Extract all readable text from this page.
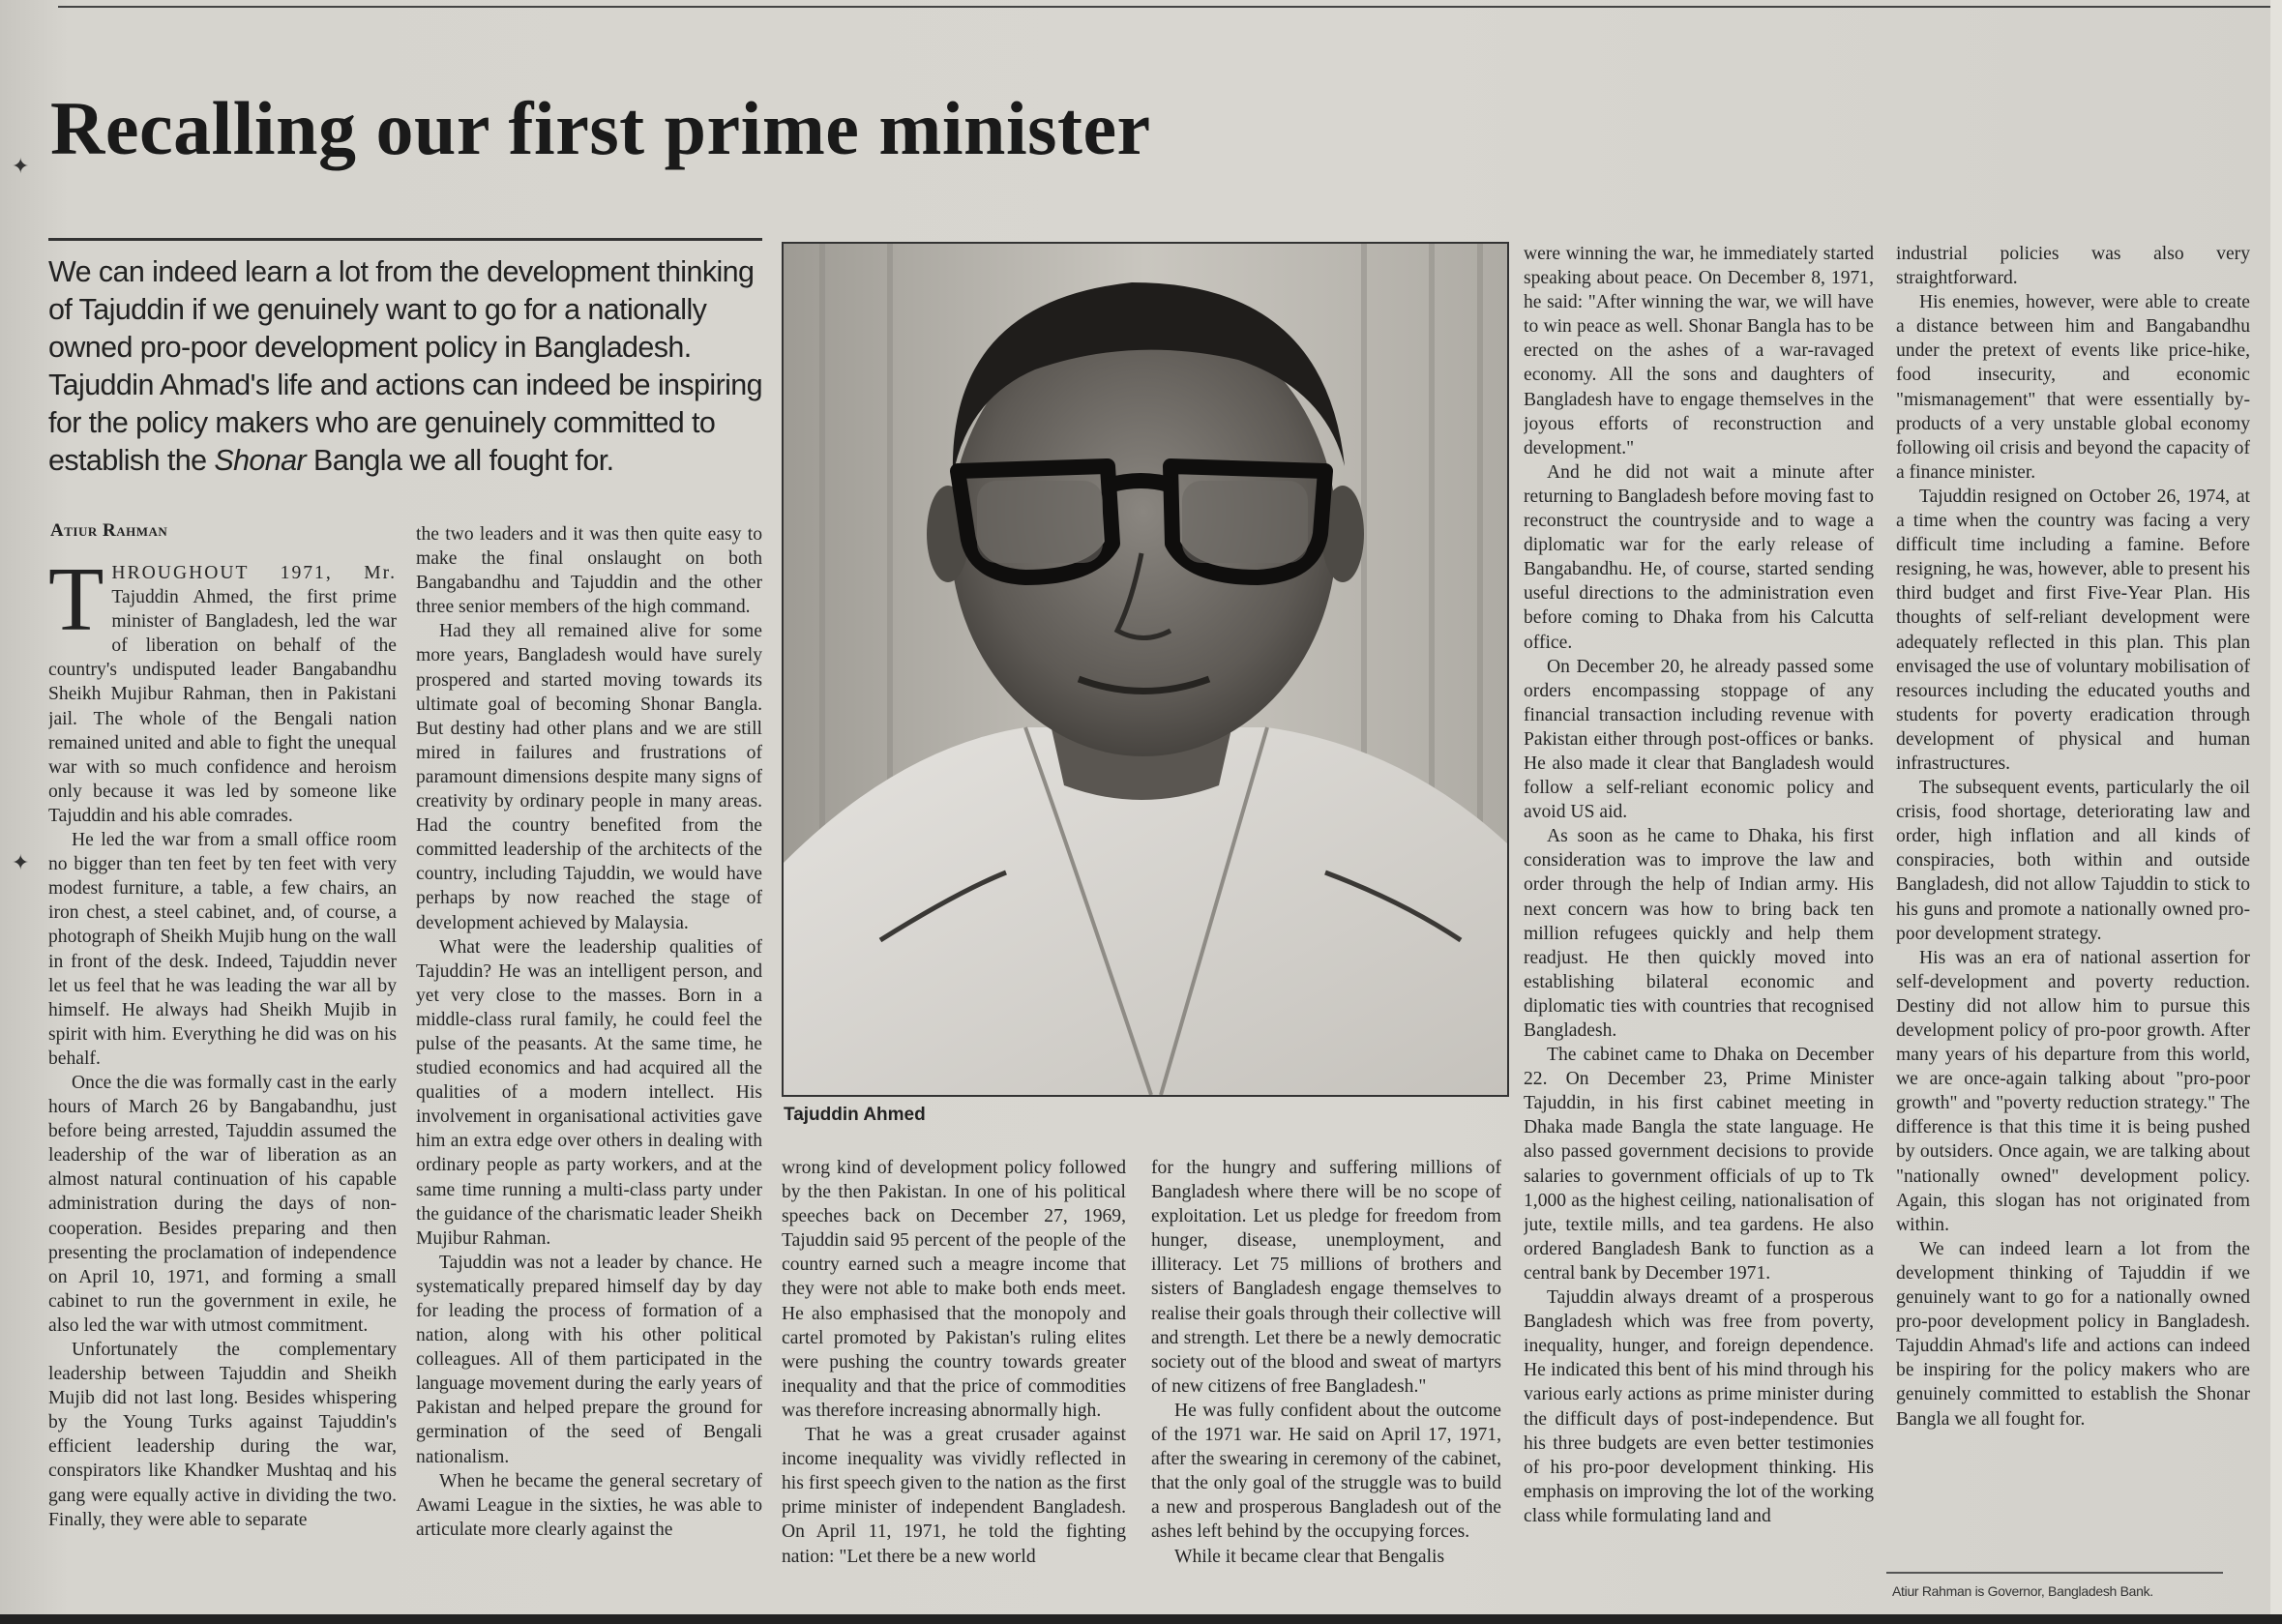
✦ Recalling our first prime minister

We can indeed learn a lot from the development thinking of Tajuddin if we genuinely want to go for a nationally owned pro-poor development policy in Bangladesh. Tajuddin Ahmad's life and actions can indeed be inspiring for the policy makers who are genuinely committed to establish the Shonar Bangla we all fought for.

Atiur Rahman

THROUGHOUT 1971, Mr. Tajuddin Ahmed, the first prime minister of Bangladesh, led the war of liberation on behalf of the country's undisputed leader Bangabandhu Sheikh Mujibur Rahman, then in Pakistani jail. The whole of the Bengali nation remained united and able to fight the unequal war with so much confidence and heroism only because it was led by someone like Tajuddin and his able comrades.

He led the war from a small office room no bigger than ten feet by ten feet with very modest furniture, a table, a few chairs, an iron chest, a steel cabinet, and, of course, a photograph of Sheikh Mujib hung on the wall in front of the desk. Indeed, Tajuddin never let us feel that he was leading the war all by himself. He always had Sheikh Mujib in spirit with him. Everything he did was on his behalf.

Once the die was formally cast in the early hours of March 26 by Bangabandhu, just before being arrested, Tajuddin assumed the leadership of the war of liberation as an almost natural continuation of his capable administration during the days of non-cooperation. Besides preparing and then presenting the proclamation of independence on April 10, 1971, and forming a small cabinet to run the government in exile, he also led the war with utmost commitment.

Unfortunately the complementary leadership between Tajuddin and Sheikh Mujib did not last long. Besides whispering by the Young Turks against Tajuddin's efficient leadership during the war, conspirators like Khandker Mushtaq and his gang were equally active in dividing the two. Finally, they were able to separate

✦

the two leaders and it was then quite easy to make the final onslaught on both Bangabandhu and Tajuddin and the other three senior members of the high command.

Had they all remained alive for some more years, Bangladesh would have surely prospered and started moving towards its ultimate goal of becoming Shonar Bangla. But destiny had other plans and we are still mired in failures and frustrations of paramount dimensions despite many signs of creativity by ordinary people in many areas. Had the country benefited from the committed leadership of the architects of the country, including Tajuddin, we would have perhaps by now reached the stage of development achieved by Malaysia.

What were the leadership qualities of Tajuddin? He was an intelligent person, and yet very close to the masses. Born in a middle-class rural family, he could feel the pulse of the peasants. At the same time, he studied economics and had acquired all the qualities of a modern intellect. His involvement in organisational activities gave him an extra edge over others in dealing with ordinary people as party workers, and at the same time running a multi-class party under the guidance of the charismatic leader Sheikh Mujibur Rahman.

Tajuddin was not a leader by chance. He systematically prepared himself day by day for leading the process of formation of a nation, along with his other political colleagues. All of them participated in the language movement during the early years of Pakistan and helped prepare the ground for germination of the seed of Bengali nationalism.

When he became the general secretary of Awami League in the sixties, he was able to articulate more clearly against the

Tajuddin Ahmed

wrong kind of development policy followed by the then Pakistan. In one of his political speeches back on December 27, 1969, Tajuddin said 95 percent of the people of the country earned such a meagre income that they were not able to make both ends meet. He also emphasised that the monopoly and cartel promoted by Pakistan's ruling elites were pushing the country towards greater inequality and that the price of commodities was therefore increasing abnormally high.

That he was a great crusader against income inequality was vividly reflected in his first speech given to the nation as the first prime minister of independent Bangladesh. On April 11, 1971, he told the fighting nation: "Let there be a new world

for the hungry and suffering millions of Bangladesh where there will be no scope of exploitation. Let us pledge for freedom from hunger, disease, unemployment, and illiteracy. Let 75 millions of brothers and sisters of Bangladesh engage themselves to realise their goals through their collective will and strength. Let there be a newly democratic society out of the blood and sweat of martyrs of new citizens of free Bangladesh."

He was fully confident about the outcome of the 1971 war. He said on April 17, 1971, after the swearing in ceremony of the cabinet, that the only goal of the struggle was to build a new and prosperous Bangladesh out of the ashes left behind by the occupying forces.

While it became clear that Bengalis

were winning the war, he immediately started speaking about peace. On December 8, 1971, he said: "After winning the war, we will have to win peace as well. Shonar Bangla has to be erected on the ashes of a war-ravaged economy. All the sons and daughters of Bangladesh have to engage themselves in the joyous efforts of reconstruction and development."

And he did not wait a minute after returning to Bangladesh before moving fast to reconstruct the countryside and to wage a diplomatic war for the early release of Bangabandhu. He, of course, started sending useful directions to the administration even before coming to Dhaka from his Calcutta office.

On December 20, he already passed some orders encompassing stoppage of any financial transaction including revenue with Pakistan either through post-offices or banks. He also made it clear that Bangladesh would follow a self-reliant economic policy and avoid US aid.

As soon as he came to Dhaka, his first consideration was to improve the law and order through the help of Indian army. His next concern was how to bring back ten million refugees quickly and help them readjust. He then quickly moved into establishing bilateral economic and diplomatic ties with countries that recognised Bangladesh.

The cabinet came to Dhaka on December 22. On December 23, Prime Minister Tajuddin, in his first cabinet meeting in Dhaka made Bangla the state language. He also passed government decisions to provide salaries to government officials of up to Tk 1,000 as the highest ceiling, nationalisation of jute, textile mills, and tea gardens. He also ordered Bangladesh Bank to function as a central bank by December 1971.

Tajuddin always dreamt of a prosperous Bangladesh which was free from poverty, inequality, hunger, and foreign dependence. He indicated this bent of his mind through his various early actions as prime minister during the difficult days of post-independence. But his three budgets are even better testimonies of his pro-poor development thinking. His emphasis on improving the lot of the working class while formulating land and

industrial policies was also very straightforward.

His enemies, however, were able to create a distance between him and Bangabandhu under the pretext of events like price-hike, food insecurity, and economic "mismanagement" that were essentially by-products of a very unstable global economy following oil crisis and beyond the capacity of a finance minister.

Tajuddin resigned on October 26, 1974, at a time when the country was facing a very difficult time including a famine. Before resigning, he was, however, able to present his third budget and first Five-Year Plan. His thoughts of self-reliant development were adequately reflected in this plan. This plan envisaged the use of voluntary mobilisation of resources including the educated youths and students for poverty eradication through development of physical and human infrastructures.

The subsequent events, particularly the oil crisis, food shortage, deteriorating law and order, high inflation and all kinds of conspiracies, both within and outside Bangladesh, did not allow Tajuddin to stick to his guns and promote a nationally owned pro-poor development strategy.

His was an era of national assertion for self-development and poverty reduction. Destiny did not allow him to pursue this development policy of pro-poor growth. After many years of his departure from this world, we are once-again talking about "pro-poor growth" and "poverty reduction strategy." The difference is that this time it is being pushed by outsiders. Once again, we are talking about "nationally owned" development policy. Again, this slogan has not originated from within.

We can indeed learn a lot from the development thinking of Tajuddin if we genuinely want to go for a nationally owned pro-poor development policy in Bangladesh. Tajuddin Ahmad's life and actions can indeed be inspiring for the policy makers who are genuinely committed to establish the Shonar Bangla we all fought for.

Atiur Rahman is Governor, Bangladesh Bank.
